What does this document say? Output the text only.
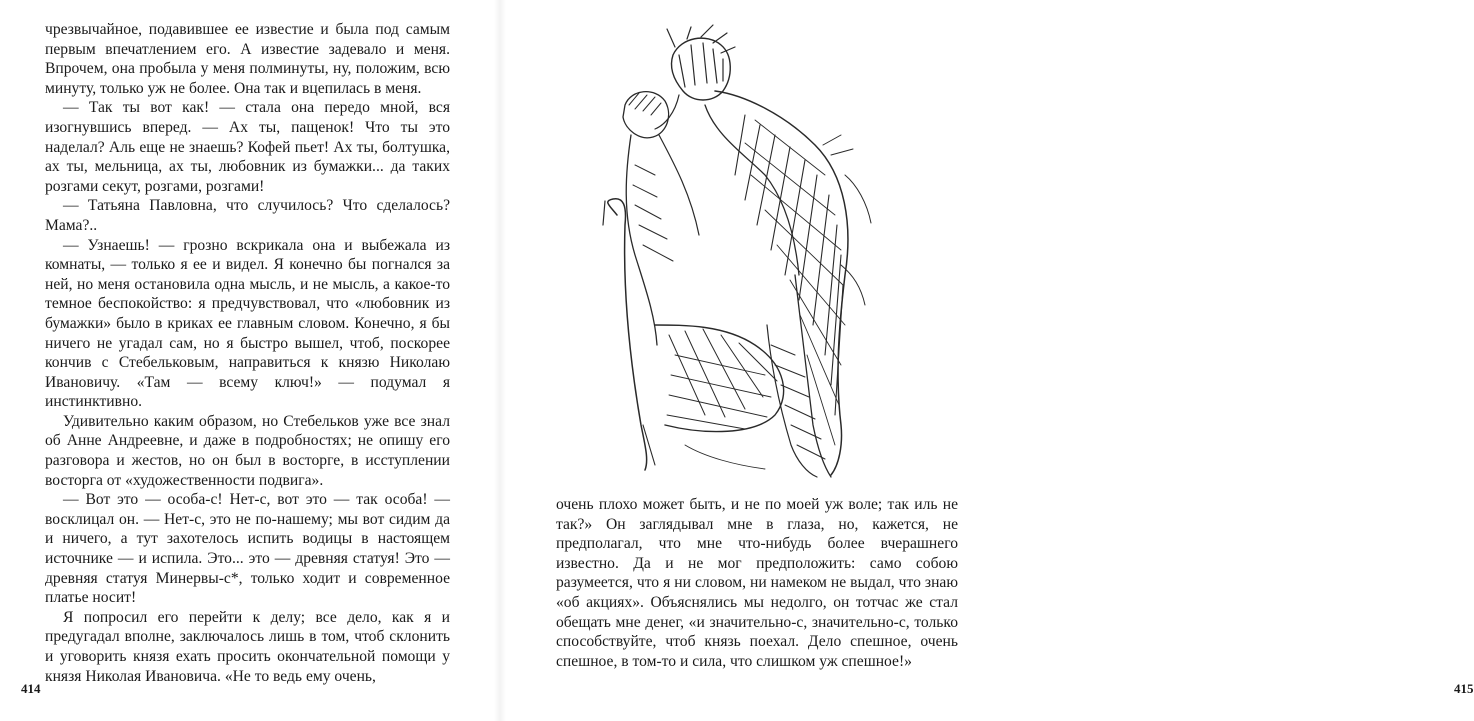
чрезвычайное, подавившее ее известие и была под самым первым впечатлением его. А известие задевало и меня. Впрочем, она пробыла у меня полминуты, ну, положим, всю минуту, только уж не более. Она так и вцепилась в меня.

— Так ты вот как! — стала она передо мной, вся изогнувшись вперед. — Ах ты, пащенок! Что ты это наделал? Аль еще не знаешь? Кофей пьет! Ах ты, болтушка, ах ты, мельница, ах ты, любовник из бумажки... да таких розгами секут, розгами, розгами!

— Татьяна Павловна, что случилось? Что сделалось? Мама?..

— Узнаешь! — грозно вскрикала она и выбежала из комнаты, — только я ее и видел. Я конечно бы погнался за ней, но меня остановила одна мысль, и не мысль, а какое-то темное беспокойство: я предчувствовал, что «любовник из бумажки» было в криках ее главным словом. Конечно, я бы ничего не угадал сам, но я быстро вышел, чтоб, поскорее кончив с Стебельковым, направиться к князю Николаю Ивановичу. «Там — всему ключ!» — подумал я инстинктивно.

Удивительно каким образом, но Стебельков уже все знал об Анне Андреевне, и даже в подробностях; не опишу его разговора и жестов, но он был в восторге, в исступлении восторга от «художественности подвига».

— Вот это — особа-с! Нет-с, вот это — так особа! — восклицал он. — Нет-с, это не по-нашему; мы вот сидим да и ничего, а тут захотелось испить водицы в настоящем источнике — и испила. Это... это — древняя статуя! Это — древняя статуя Минервы-с*, только ходит и современное платье носит!

Я попросил его перейти к делу; все дело, как я и предугадал вполне, заключалось лишь в том, чтоб склонить и уговорить князя ехать просить окончательной помощи у князя Николая Ивановича. «Не то ведь ему очень,

414	415

очень плохо может быть, и не по моей уж воле; так иль не так?» Он заглядывал мне в глаза, но, кажется, не предполагал, что мне что-нибудь более вчерашнего известно. Да и не мог предположить: само собою разумеется, что я ни словом, ни намеком не выдал, что знаю «об акциях». Объяснялись мы недолго, он тотчас же стал обещать мне денег, «и значительно-с, значительно-с, только способствуйте, чтоб князь поехал. Дело спешное, очень спешное, в том-то и сила, что слишком уж спешное!»
